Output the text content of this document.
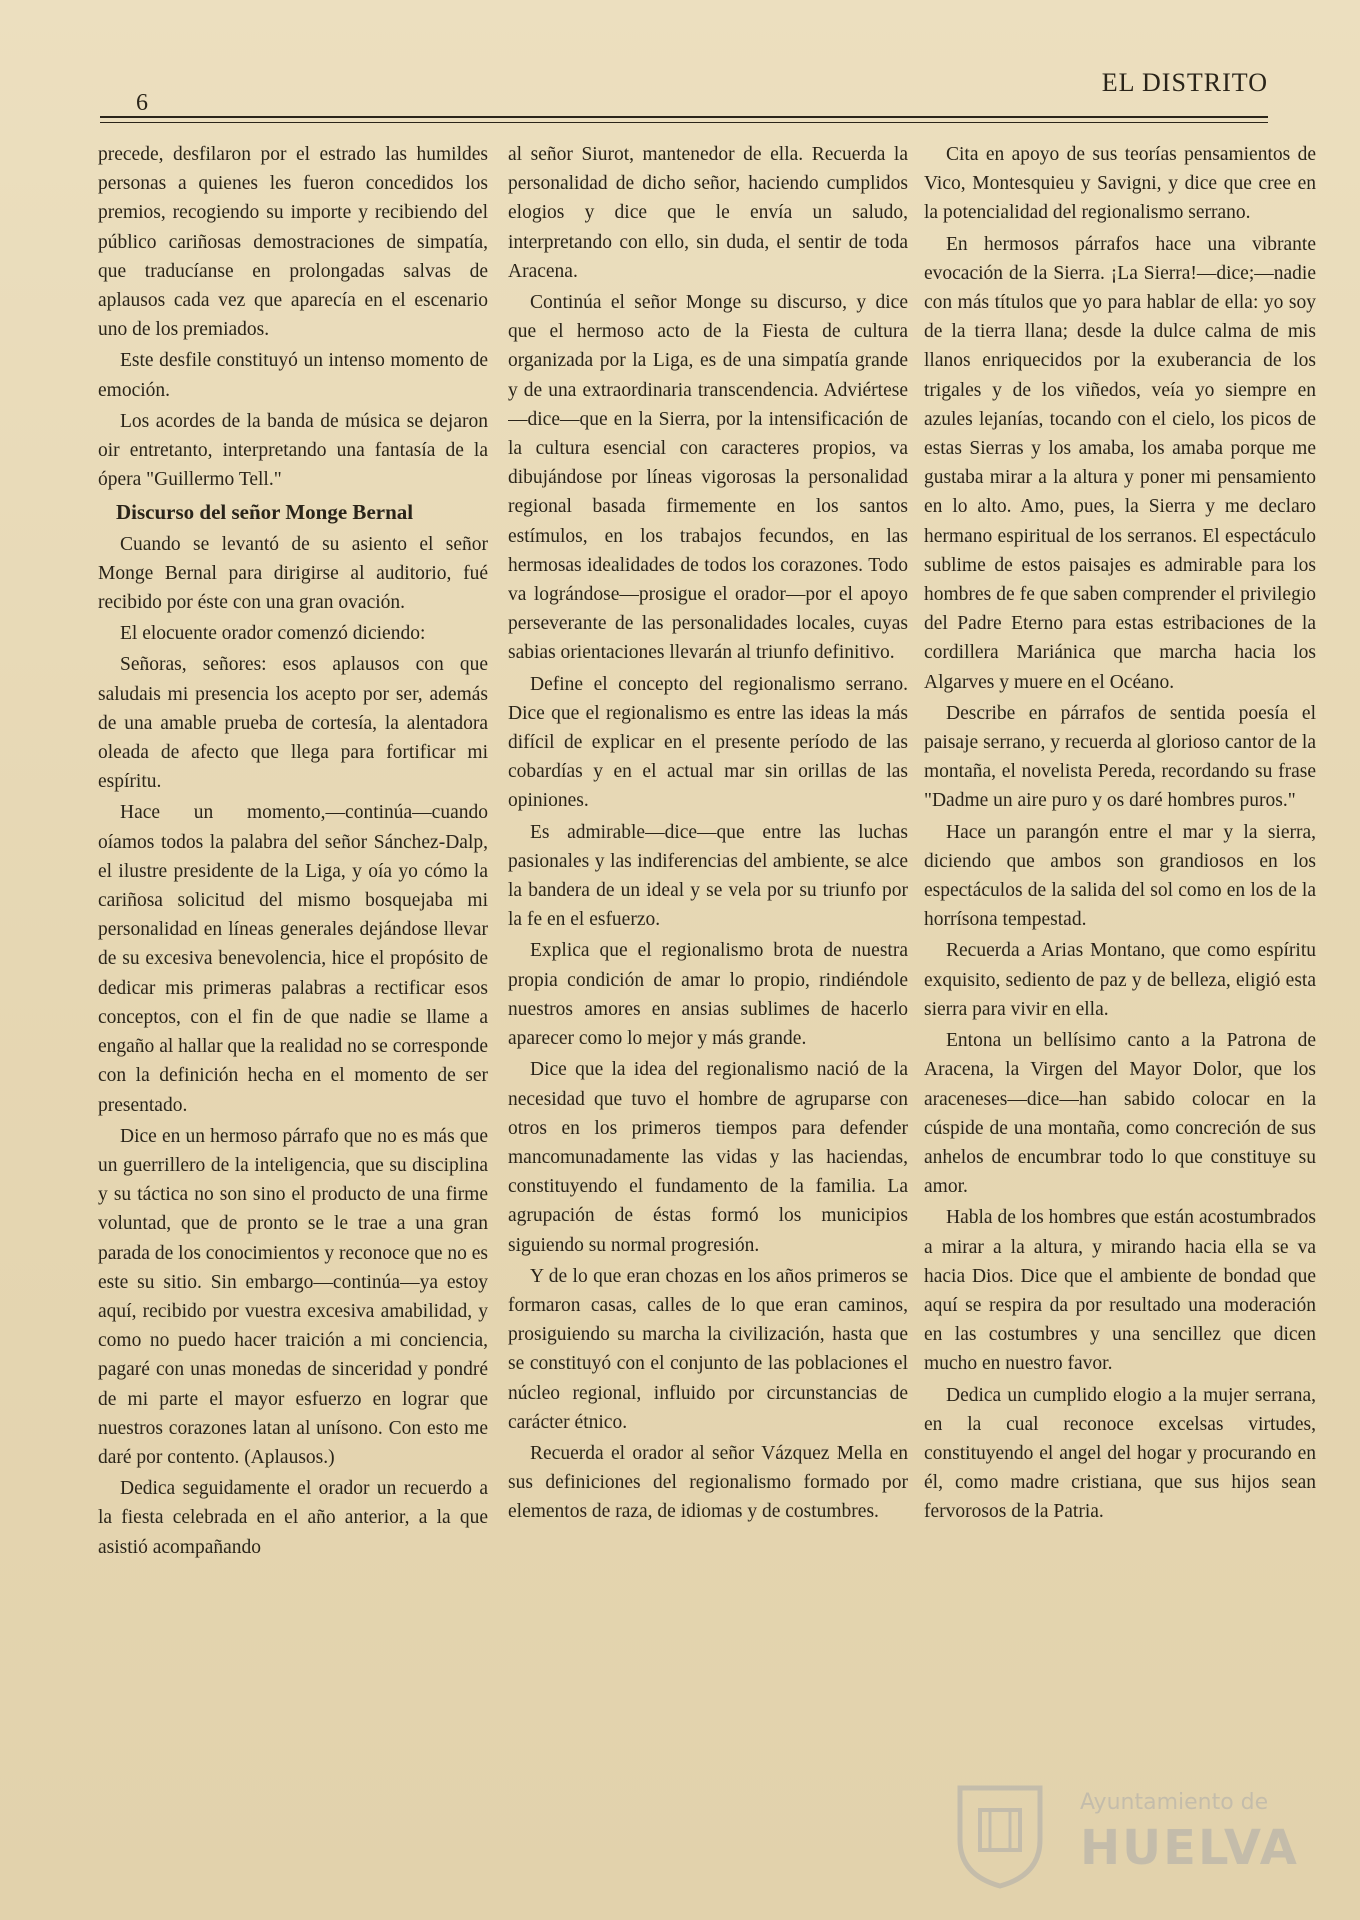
6
EL DISTRITO

precede, desfilaron por el estrado las humildes personas a quienes les fueron concedidos los premios, recogiendo su importe y recibiendo del público cariñosas demostraciones de simpatía, que traducíanse en prolongadas salvas de aplausos cada vez que aparecía en el escenario uno de los premiados.

Este desfile constituyó un intenso momento de emoción.

Los acordes de la banda de música se dejaron oir entretanto, interpretando una fantasía de la ópera "Guillermo Tell."

Discurso del señor Monge Bernal

Cuando se levantó de su asiento el señor Monge Bernal para dirigirse al auditorio, fué recibido por éste con una gran ovación.

El elocuente orador comenzó diciendo:

Señoras, señores: esos aplausos con que saludais mi presencia los acepto por ser, además de una amable prueba de cortesía, la alentadora oleada de afecto que llega para fortificar mi espíritu.

Hace un momento,—continúa—cuando oíamos todos la palabra del señor Sánchez-Dalp, el ilustre presidente de la Liga, y oía yo cómo la cariñosa solicitud del mismo bosquejaba mi personalidad en líneas generales dejándose llevar de su excesiva benevolencia, hice el propósito de dedicar mis primeras palabras a rectificar esos conceptos, con el fin de que nadie se llame a engaño al hallar que la realidad no se corresponde con la definición hecha en el momento de ser presentado.

Dice en un hermoso párrafo que no es más que un guerrillero de la inteligencia, que su disciplina y su táctica no son sino el producto de una firme voluntad, que de pronto se le trae a una gran parada de los conocimientos y reconoce que no es este su sitio. Sin embargo—continúa—ya estoy aquí, recibido por vuestra excesiva amabilidad, y como no puedo hacer traición a mi conciencia, pagaré con unas monedas de sinceridad y pondré de mi parte el mayor esfuerzo en lograr que nuestros corazones latan al unísono. Con esto me daré por contento. (Aplausos.)

Dedica seguidamente el orador un recuerdo a la fiesta celebrada en el año anterior, a la que asistió acompañando

al señor Siurot, mantenedor de ella. Recuerda la personalidad de dicho señor, haciendo cumplidos elogios y dice que le envía un saludo, interpretando con ello, sin duda, el sentir de toda Aracena.

Continúa el señor Monge su discurso, y dice que el hermoso acto de la Fiesta de cultura organizada por la Liga, es de una simpatía grande y de una extraordinaria transcendencia. Adviértese—dice—que en la Sierra, por la intensificación de la cultura esencial con caracteres propios, va dibujándose por líneas vigorosas la personalidad regional basada firmemente en los santos estímulos, en los trabajos fecundos, en las hermosas idealidades de todos los corazones. Todo va lográndose—prosigue el orador—por el apoyo perseverante de las personalidades locales, cuyas sabias orientaciones llevarán al triunfo definitivo.

Define el concepto del regionalismo serrano. Dice que el regionalismo es entre las ideas la más difícil de explicar en el presente período de las cobardías y en el actual mar sin orillas de las opiniones.

Es admirable—dice—que entre las luchas pasionales y las indiferencias del ambiente, se alce la bandera de un ideal y se vela por su triunfo por la fe en el esfuerzo.

Explica que el regionalismo brota de nuestra propia condición de amar lo propio, rindiéndole nuestros amores en ansias sublimes de hacerlo aparecer como lo mejor y más grande.

Dice que la idea del regionalismo nació de la necesidad que tuvo el hombre de agruparse con otros en los primeros tiempos para defender mancomunadamente las vidas y las haciendas, constituyendo el fundamento de la familia. La agrupación de éstas formó los municipios siguiendo su normal progresión.

Y de lo que eran chozas en los años primeros se formaron casas, calles de lo que eran caminos, prosiguiendo su marcha la civilización, hasta que se constituyó con el conjunto de las poblaciones el núcleo regional, influido por circunstancias de carácter étnico.

Recuerda el orador al señor Vázquez Mella en sus definiciones del regionalismo formado por elementos de raza, de idiomas y de costumbres.

Cita en apoyo de sus teorías pensamientos de Vico, Montesquieu y Savigni, y dice que cree en la potencialidad del regionalismo serrano.

En hermosos párrafos hace una vibrante evocación de la Sierra. ¡La Sierra!—dice;—nadie con más títulos que yo para hablar de ella: yo soy de la tierra llana; desde la dulce calma de mis llanos enriquecidos por la exuberancia de los trigales y de los viñedos, veía yo siempre en azules lejanías, tocando con el cielo, los picos de estas Sierras y los amaba, los amaba porque me gustaba mirar a la altura y poner mi pensamiento en lo alto. Amo, pues, la Sierra y me declaro hermano espiritual de los serranos. El espectáculo sublime de estos paisajes es admirable para los hombres de fe que saben comprender el privilegio del Padre Eterno para estas estribaciones de la cordillera Mariánica que marcha hacia los Algarves y muere en el Océano.

Describe en párrafos de sentida poesía el paisaje serrano, y recuerda al glorioso cantor de la montaña, el novelista Pereda, recordando su frase "Dadme un aire puro y os daré hombres puros."

Hace un parangón entre el mar y la sierra, diciendo que ambos son grandiosos en los espectáculos de la salida del sol como en los de la horrísona tempestad.

Recuerda a Arias Montano, que como espíritu exquisito, sediento de paz y de belleza, eligió esta sierra para vivir en ella.

Entona un bellísimo canto a la Patrona de Aracena, la Virgen del Mayor Dolor, que los araceneses—dice—han sabido colocar en la cúspide de una montaña, como concreción de sus anhelos de encumbrar todo lo que constituye su amor.

Habla de los hombres que están acostumbrados a mirar a la altura, y mirando hacia ella se va hacia Dios. Dice que el ambiente de bondad que aquí se respira da por resultado una moderación en las costumbres y una sencillez que dicen mucho en nuestro favor.

Dedica un cumplido elogio a la mujer serrana, en la cual reconoce excelsas virtudes, constituyendo el angel del hogar y procurando en él, como madre cristiana, que sus hijos sean fervorosos de la Patria.

Ayuntamiento de
HUELVA
